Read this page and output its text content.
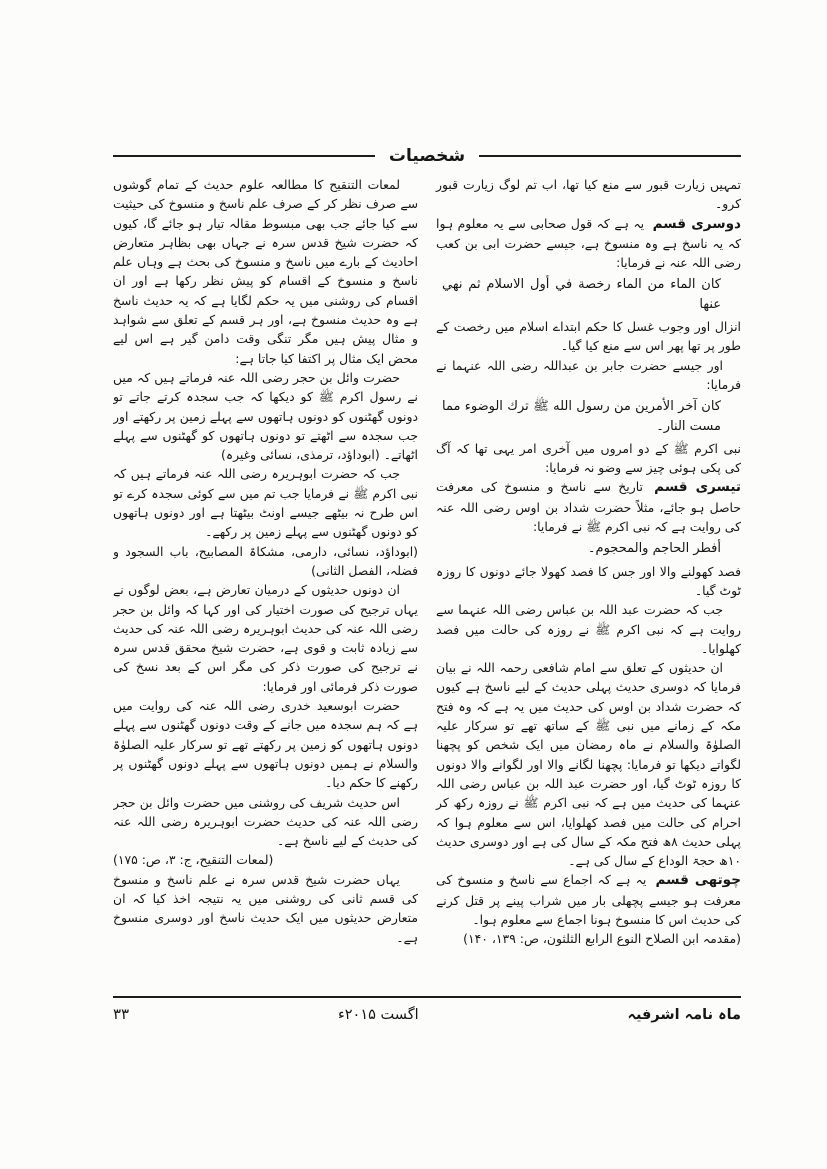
شخصیات

تمہیں زیارت قبور سے منع کیا تھا، اب تم لوگ زیارت قبور کرو۔

دوسری قسم یہ ہے کہ قول صحابی سے یہ معلوم ہوا کہ یہ ناسخ ہے وہ منسوخ ہے، جیسے حضرت ابی بن کعب رضی اللہ عنہ نے فرمایا:

كان الماء من الماء رخصة في أول الاسلام ثم نهي عنها

انزال اور وجوب غسل کا حکم ابتداے اسلام میں رخصت کے طور پر تھا پھر اس سے منع کیا گیا۔

اور جیسے حضرت جابر بن عبداللہ رضی اللہ عنہما نے فرمایا:

كان آخر الأمرين من رسول الله ﷺ ترك الوضوء مما مست النار۔

نبی اکرم ﷺ کے دو امروں میں آخری امر یہی تھا کہ آگ کی پکی ہوئی چیز سے وضو نہ فرمایا:

تیسری قسم تاریخ سے ناسخ و منسوخ کی معرفت حاصل ہو جائے، مثلاً حضرت شداد بن اوس رضی اللہ عنہ کی روایت ہے کہ نبی اکرم ﷺ نے فرمایا:

أفطر الحاجم والمحجوم۔

فصد کھولنے والا اور جس کا فصد کھولا جائے دونوں کا روزہ ٹوٹ گیا۔

جب کہ حضرت عبد اللہ بن عباس رضی اللہ عنہما سے روایت ہے کہ نبی اکرم ﷺ نے روزہ کی حالت میں فصد کھلوایا۔

ان حدیثوں کے تعلق سے امام شافعی رحمہ اللہ نے بیان فرمایا کہ دوسری حدیث پہلی حدیث کے لیے ناسخ ہے کیوں کہ حضرت شداد بن اوس کی حدیث میں یہ ہے کہ وہ فتح مکہ کے زمانے میں نبی ﷺ کے ساتھ تھے تو سرکار علیہ الصلوٰۃ والسلام نے ماہ رمضان میں ایک شخص کو پچھنا لگواتے دیکھا تو فرمایا: پچھنا لگانے والا اور لگوانے والا دونوں کا روزہ ٹوٹ گیا، اور حضرت عبد اللہ بن عباس رضی اللہ عنہما کی حدیث میں ہے کہ نبی اکرم ﷺ نے روزہ رکھ کر احرام کی حالت میں فصد کھلوایا، اس سے معلوم ہوا کہ پہلی حدیث ۸ھ فتح مکہ کے سال کی ہے اور دوسری حدیث ۱۰ھ حجۃ الوداع کے سال کی ہے۔

چوتھی قسم یہ ہے کہ اجماع سے ناسخ و منسوخ کی معرفت ہو جیسے پچھلی بار میں شراب پینے پر قتل کرنے کی حدیث اس کا منسوخ ہونا اجماع سے معلوم ہوا۔

(مقدمہ ابن الصلاح النوع الرابع الثلثون، ص: ۱۳۹، ۱۴۰)

لمعات التنقیح کا مطالعہ علوم حدیث کے تمام گوشوں سے صرف نظر کر کے صرف علم ناسخ و منسوخ کی حیثیت سے کیا جائے جب بھی مبسوط مقالہ تیار ہو جائے گا، کیوں کہ حضرت شیخ قدس سرہ نے جہاں بھی بظاہر متعارض احادیث کے بارے میں ناسخ و منسوخ کی بحث ہے وہاں علم ناسخ و منسوخ کے اقسام کو پیش نظر رکھا ہے اور ان اقسام کی روشنی میں یہ حکم لگایا ہے کہ یہ حدیث ناسخ ہے وہ حدیث منسوخ ہے، اور ہر قسم کے تعلق سے شواہد و مثال پیش ہیں مگر تنگی وقت دامن گیر ہے اس لیے محض ایک مثال پر اکتفا کیا جاتا ہے:

حضرت وائل بن حجر رضی اللہ عنہ فرماتے ہیں کہ میں نے رسول اکرم ﷺ کو دیکھا کہ جب سجدہ کرتے جاتے تو دونوں گھٹنوں کو دونوں ہاتھوں سے پہلے زمین پر رکھتے اور جب سجدہ سے اٹھتے تو دونوں ہاتھوں کو گھٹنوں سے پہلے اٹھاتے۔ (ابوداؤد، ترمذی، نسائی وغیرہ)

جب کہ حضرت ابوہریرہ رضی اللہ عنہ فرماتے ہیں کہ نبی اکرم ﷺ نے فرمایا جب تم میں سے کوئی سجدہ کرے تو اس طرح نہ بیٹھے جیسے اونٹ بیٹھتا ہے اور دونوں ہاتھوں کو دونوں گھٹنوں سے پہلے زمین پر رکھے۔

(ابوداؤد، نسائی، دارمی، مشکاۃ المصابیح، باب السجود و فضلہ، الفصل الثانی)

ان دونوں حدیثوں کے درمیان تعارض ہے، بعض لوگوں نے یہاں ترجیح کی صورت اختیار کی اور کہا کہ وائل بن حجر رضی اللہ عنہ کی حدیث ابوہریرہ رضی اللہ عنہ کی حدیث سے زیادہ ثابت و قوی ہے، حضرت شیخ محقق قدس سرہ نے ترجیح کی صورت ذکر کی مگر اس کے بعد نسخ کی صورت ذکر فرمائی اور فرمایا:

حضرت ابوسعید خدری رضی اللہ عنہ کی روایت میں ہے کہ ہم سجدہ میں جانے کے وقت دونوں گھٹنوں سے پہلے دونوں ہاتھوں کو زمین پر رکھتے تھے تو سرکار علیہ الصلوٰۃ والسلام نے ہمیں دونوں ہاتھوں سے پہلے دونوں گھٹنوں پر رکھنے کا حکم دیا۔

اس حدیث شریف کی روشنی میں حضرت وائل بن حجر رضی اللہ عنہ کی حدیث حضرت ابوہریرہ رضی اللہ عنہ کی حدیث کے لیے ناسخ ہے۔

(لمعات التنقیح، ج: ۳، ص: ۱۷۵)

یہاں حضرت شیخ قدس سرہ نے علم ناسخ و منسوخ کی قسم ثانی کی روشنی میں یہ نتیجہ اخذ کیا کہ ان متعارض حدیثوں میں ایک حدیث ناسخ اور دوسری منسوخ ہے۔

۳۳	اگست ۲۰۱۵ء	ماہ نامہ اشرفیہ
